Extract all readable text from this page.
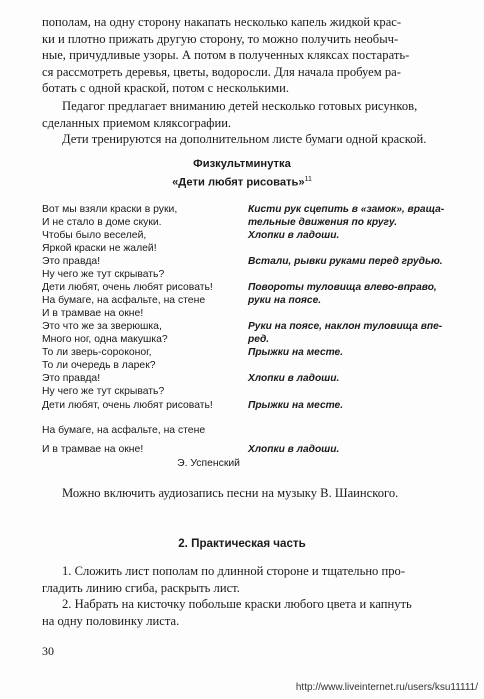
пополам, на одну сторону накапать несколько капель жидкой крас-
ки и плотно прижать другую сторону, то можно получить необыч-
ные, причудливые узоры. А потом в полученных кляксах постарать-
ся рассмотреть деревья, цветы, водоросли. Для начала пробуем ра-
ботать с одной краской, потом с несколькими.

Педагог предлагает вниманию детей несколько готовых рисунков,
сделанных приемом кляксографии.

Дети тренируются на дополнительном листе бумаги одной краской.

Физкультминутка
«Дети любят рисовать»$^{11}$
Вот мы взяли краски в руки,
И не стало в доме скуки.
Кисти рук сцепить в «замок», враща-
тельные движения по кругу.
Чтобы было веселей,
Яркой краски не жалей!
Хлопки в ладоши.
Это правда!
Ну чего же тут скрывать?
Встали, рывки руками перед грудью.
Дети любят, очень любят рисовать!
На бумаге, на асфальте, на стене
И в трамвае на окне!
Повороты туловища влево-вправо,
руки на поясе.
Это что же за зверюшка,
Много ног, одна макушка?
Руки на поясе, наклон туловища впе-
ред.
То ли зверь-сороконог,
То ли очередь в ларек?
Прыжки на месте.
Это правда!
Ну чего же тут скрывать?
Хлопки в ладоши.
Дети любят, очень любят рисовать!	Прыжки на месте.
На бумаге, на асфальте, на стене
И в трамвае на окне!	Хлопки в ладоши.
Э. Успенский

Можно включить аудиозапись песни на музыку В. Шаинского.

2. Практическая часть

1. Сложить лист пополам по длинной стороне и тщательно про-
гладить линию сгиба, раскрыть лист.

2. Набрать на кисточку побольше краски любого цвета и капнуть
на одну половинку листа.

30
http://www.liveinternet.ru/users/ksu11111/
